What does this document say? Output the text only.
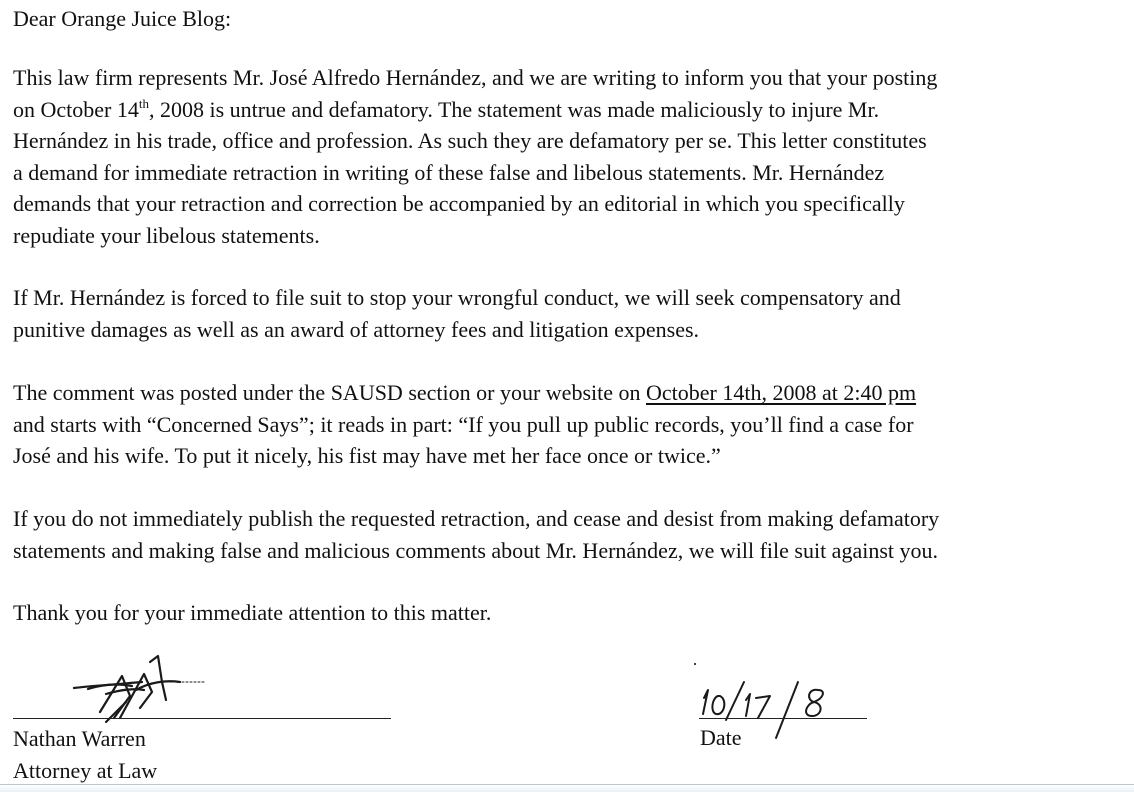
Dear Orange Juice Blog:

This law firm represents Mr. José Alfredo Hernández, and we are writing to inform you that your posting
on October 14th, 2008 is untrue and defamatory. The statement was made maliciously to injure Mr.
Hernández in his trade, office and profession. As such they are defamatory per se. This letter constitutes
a demand for immediate retraction in writing of these false and libelous statements. Mr. Hernández
demands that your retraction and correction be accompanied by an editorial in which you specifically
repudiate your libelous statements.

If Mr. Hernández is forced to file suit to stop your wrongful conduct, we will seek compensatory and
punitive damages as well as an award of attorney fees and litigation expenses.

The comment was posted under the SAUSD section or your website on October 14th, 2008 at 2:40 pm
and starts with “Concerned Says”; it reads in part: “If you pull up public records, you’ll find a case for
José and his wife. To put it nicely, his fist may have met her face once or twice.”

If you do not immediately publish the requested retraction, and cease and desist from making defamatory
statements and making false and malicious comments about Mr. Hernández, we will file suit against you.

Thank you for your immediate attention to this matter.

Nathan Warren
Attorney at Law
Date
